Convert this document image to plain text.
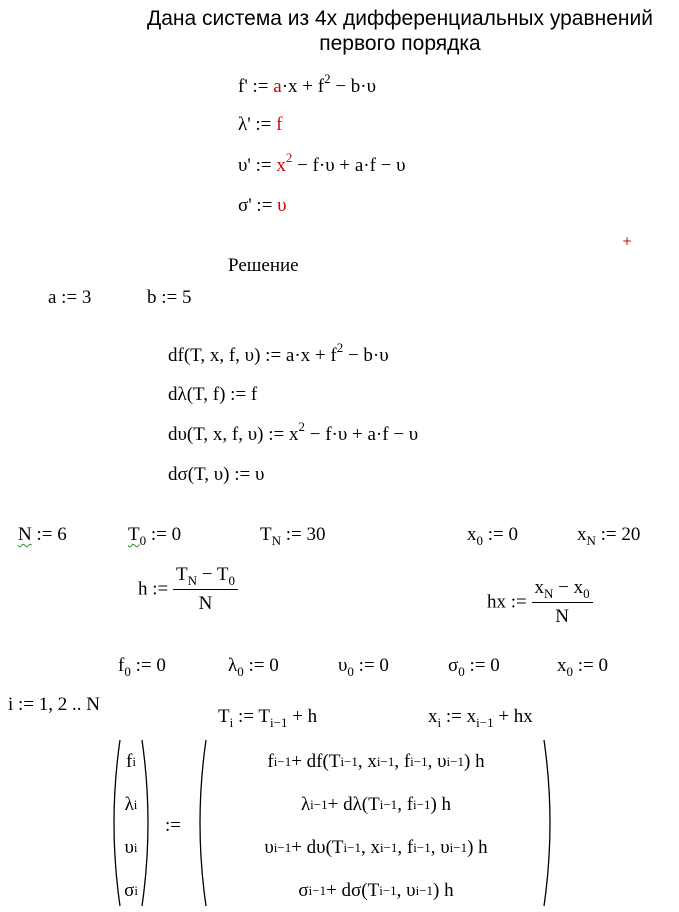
Дана система из 4х дифференциальных уравнений
первого порядка
f' := $a\cdot x + f^2 - b\cdot\upsilon$
λ' := f
υ' := $x^2 - f\cdot\upsilon + a\cdot f - \upsilon$
σ' := υ
+
Решение
a := 3	b := 5
df(T, x, f, υ) := $a\cdot x + f^2 - b\cdot\upsilon$
dλ(T, f) := f
dυ(T, x, f, υ) := $x^2 - f\cdot\upsilon + a\cdot f - \upsilon$
dσ(T, υ) := υ
N := 6	$T_0$ := 0	$T_N$ := 30	$x_0$ := 0	$x_N$ := 20
h := $\frac{T_N - T_0}{N}$	hx := $\frac{x_N - x_0}{N}$
$f_0$ := 0	$\lambda_0$ := 0	$\upsilon_0$ := 0	$\sigma_0$ := 0	$x_0$ := 0
i := 1, 2 .. N
$T_i$ := $T_{i-1} + h$	$x_i$ := $x_{i-1}$ + hx
f i
λ i
υ i
σ i
:=
f i−1 + df(T i−1 , x i−1 , f i−1 , υ i−1 ) h
λ i−1 + dλ(T i−1 , f i−1 ) h
υ i−1 + dυ(T i−1 , x i−1 , f i−1 , υ i−1 ) h
σ i−1 + dσ(T i−1 , υ i−1 ) h
